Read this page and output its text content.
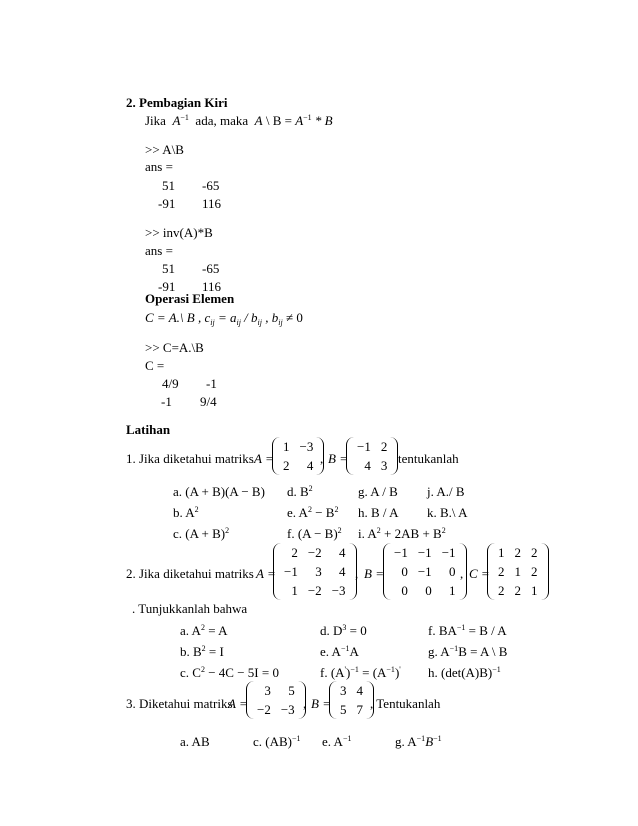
2. Pembagian Kiri
Jika $A^{-1}$ ada, maka A \ $B = A^{-1} * B$
>> A\B
ans =
51 -65
-91 116
>> inv(A)*B
ans =
51 -65
-91 116
Operasi Elemen
C = A.\ B , $c_{ij} = a_{ij} / b_{ij}$ , $b_{ij} \ne 0$
>> C=A.\B
C =
4/9 -1
-1 9/4
Latihan
1. Jika diketahui matriks A =
1	−3
2	4 , B =
−1	2
4	3 tentukanlah
a. (A + B)(A − B) d. $B^2$	g. A / B j. A./ B
b. $A^2$	e. $A^2 - B^2$ h. B / A k. B.\ A
c. $(A + B)^2$	f. $(A - B)^2$ i. $A^2 + 2AB + B^2$
2. Jika diketahui matriks A =
2	−2	4
−1	3	4
1	−2	−3
, B =
−1	−1	−1
0	−1	0
0	0	1
, C =
1	2	2
2	1	2
2	2	1
. Tunjukkanlah bahwa
a. $A^2 = A$	d. $D^3 = 0$	f. $BA^{-1} = B / A$
b. $B^2 = I$	e. $A^{-1}A$	g. $A^{-1}B = A$ \ B
c. $C^2 - 4C - 5I = 0$	f. $(A')^{-1} = (A^{-1})'$ h. $(\det(A)B)^{-1}$
3. Diketahui matriks
A =
3	5
−2	−3 , B =
3	4
5	7 , Tentukanlah
a. AB	c. (AB)$^{-1}$ e. $A^{-1}$	g. $A^{-1}B^{-1}$
